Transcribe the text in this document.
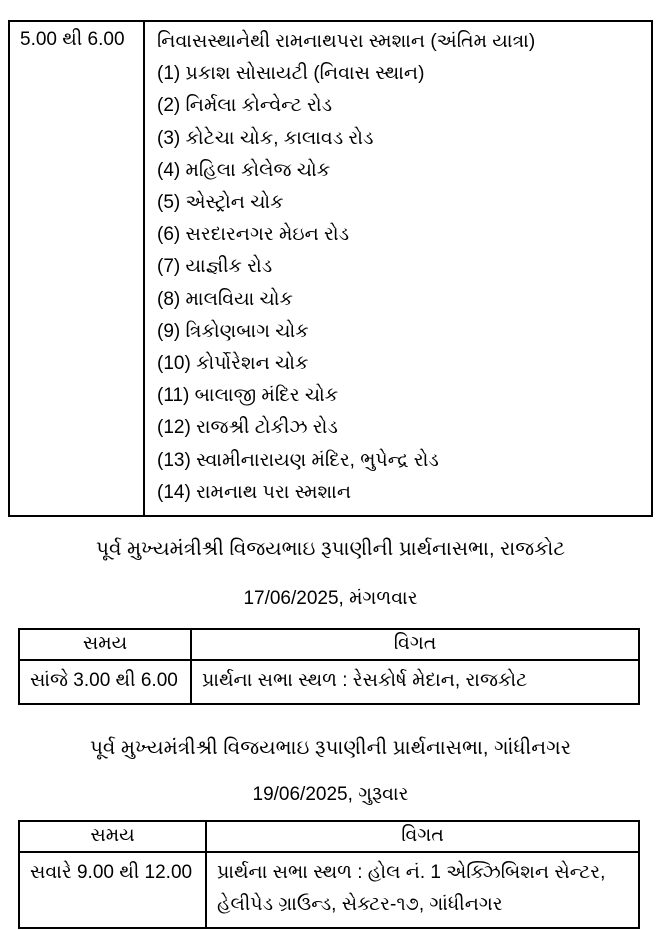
5.00 થી 6.00	નિવાસસ્થાનેથી રામનાથપરા સ્મશાન (અંતિમ યાત્રા)
(1) પ્રકાશ સોસાયટી (નિવાસ સ્થાન)
(2) નિર્મલા કોન્વેન્ટ રોડ
(3) કોટેચા ચોક, કાલાવડ રોડ
(4) મહિલા કોલેજ ચોક
(5) એસ્ટ્રોન ચોક
(6) સરદારનગર મેઇન રોડ
(7) યાજ્ઞીક રોડ
(8) માલવિયા ચોક
(9) ત્રિકોણબાગ ચોક
(10) કોર્પોરેશન ચોક
(11) બાલાજી મંદિર ચોક
(12) રાજશ્રી ટોકીઝ રોડ
(13) સ્વામીનારાયણ મંદિર, ભુપેન્દ્ર રોડ
(14) રામનાથ પરા સ્મશાન
પૂર્વ મુખ્યમંત્રીશ્રી વિજયભાઇ રૂપાણીની પ્રાર્થનાસભા, રાજકોટ
17/06/2025, મંગળવાર
સમય	વિગત
સાંજે 3.00 થી 6.00	પ્રાર્થના સભા સ્થળ : રેસકોર્ષ મેદાન, રાજકોટ
પૂર્વ મુખ્યમંત્રીશ્રી વિજયભાઇ રૂપાણીની પ્રાર્થનાસભા, ગાંધીનગર
19/06/2025, ગુરૂવાર
સમય	વિગત
સવારે 9.00 થી 12.00	પ્રાર્થના સભા સ્થળ : હોલ નં. 1 એક્ઝિબિશન સેન્ટર, હેલીપેડ ગ્રાઉન્ડ, સેક્ટર-૧૭, ગાંધીનગર
